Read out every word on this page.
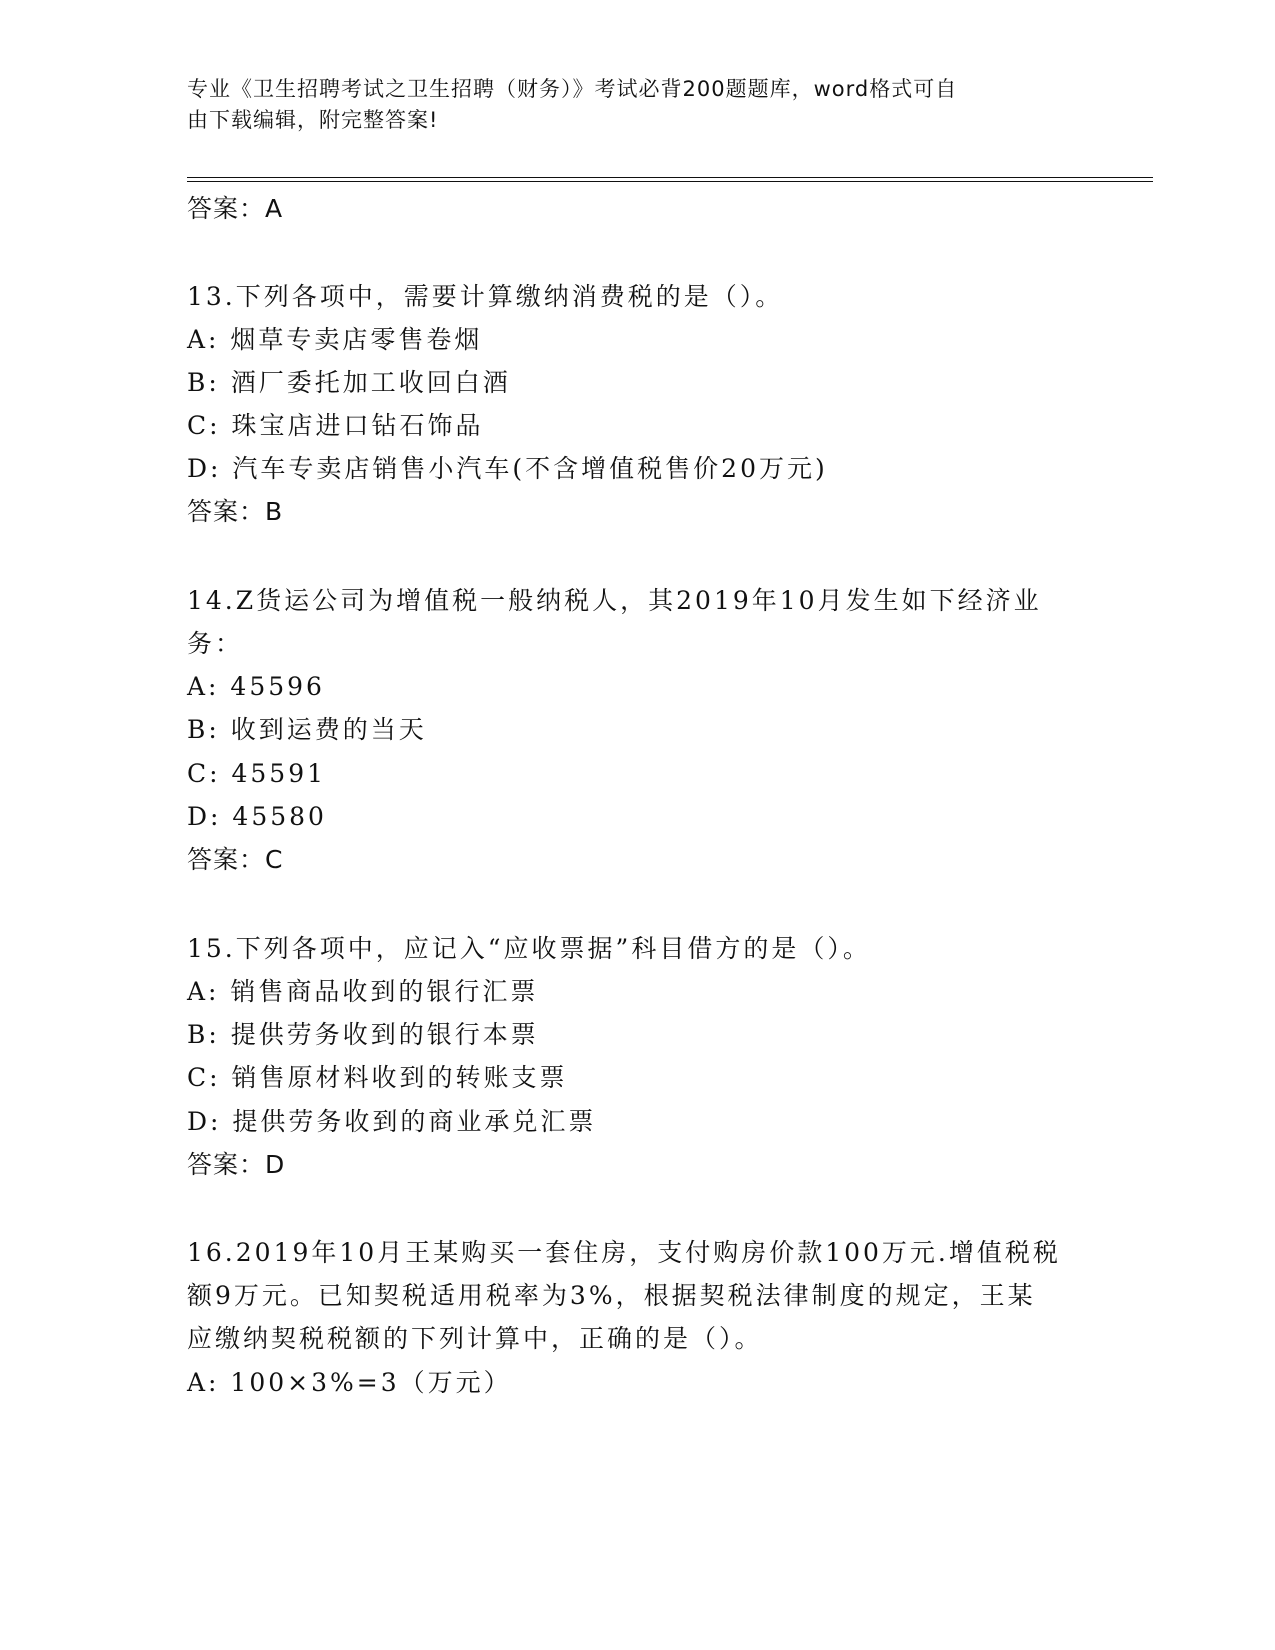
专业《卫生招聘考试之卫生招聘（财务）》考试必背200题题库，word格式可自
由下载编辑，附完整答案!
答案：A
13.下列各项中，需要计算缴纳消费税的是（）。
A: 烟草专卖店零售卷烟
B: 酒厂委托加工收回白酒
C: 珠宝店进口钻石饰品
D: 汽车专卖店销售小汽车(不含增值税售价20万元)
答案：B
14.Z货运公司为增值税一般纳税人，其2019年10月发生如下经济业
务：
A: 45596
B: 收到运费的当天
C: 45591
D: 45580
答案：C
15.下列各项中，应记入“应收票据”科目借方的是（）。
A: 销售商品收到的银行汇票
B: 提供劳务收到的银行本票
C: 销售原材料收到的转账支票
D: 提供劳务收到的商业承兑汇票
答案：D
16.2019年10月王某购买一套住房，支付购房价款100万元.增值税税
额9万元。已知契税适用税率为3%，根据契税法律制度的规定，王某
应缴纳契税税额的下列计算中，正确的是（）。
A: 100×3%=3（万元）
